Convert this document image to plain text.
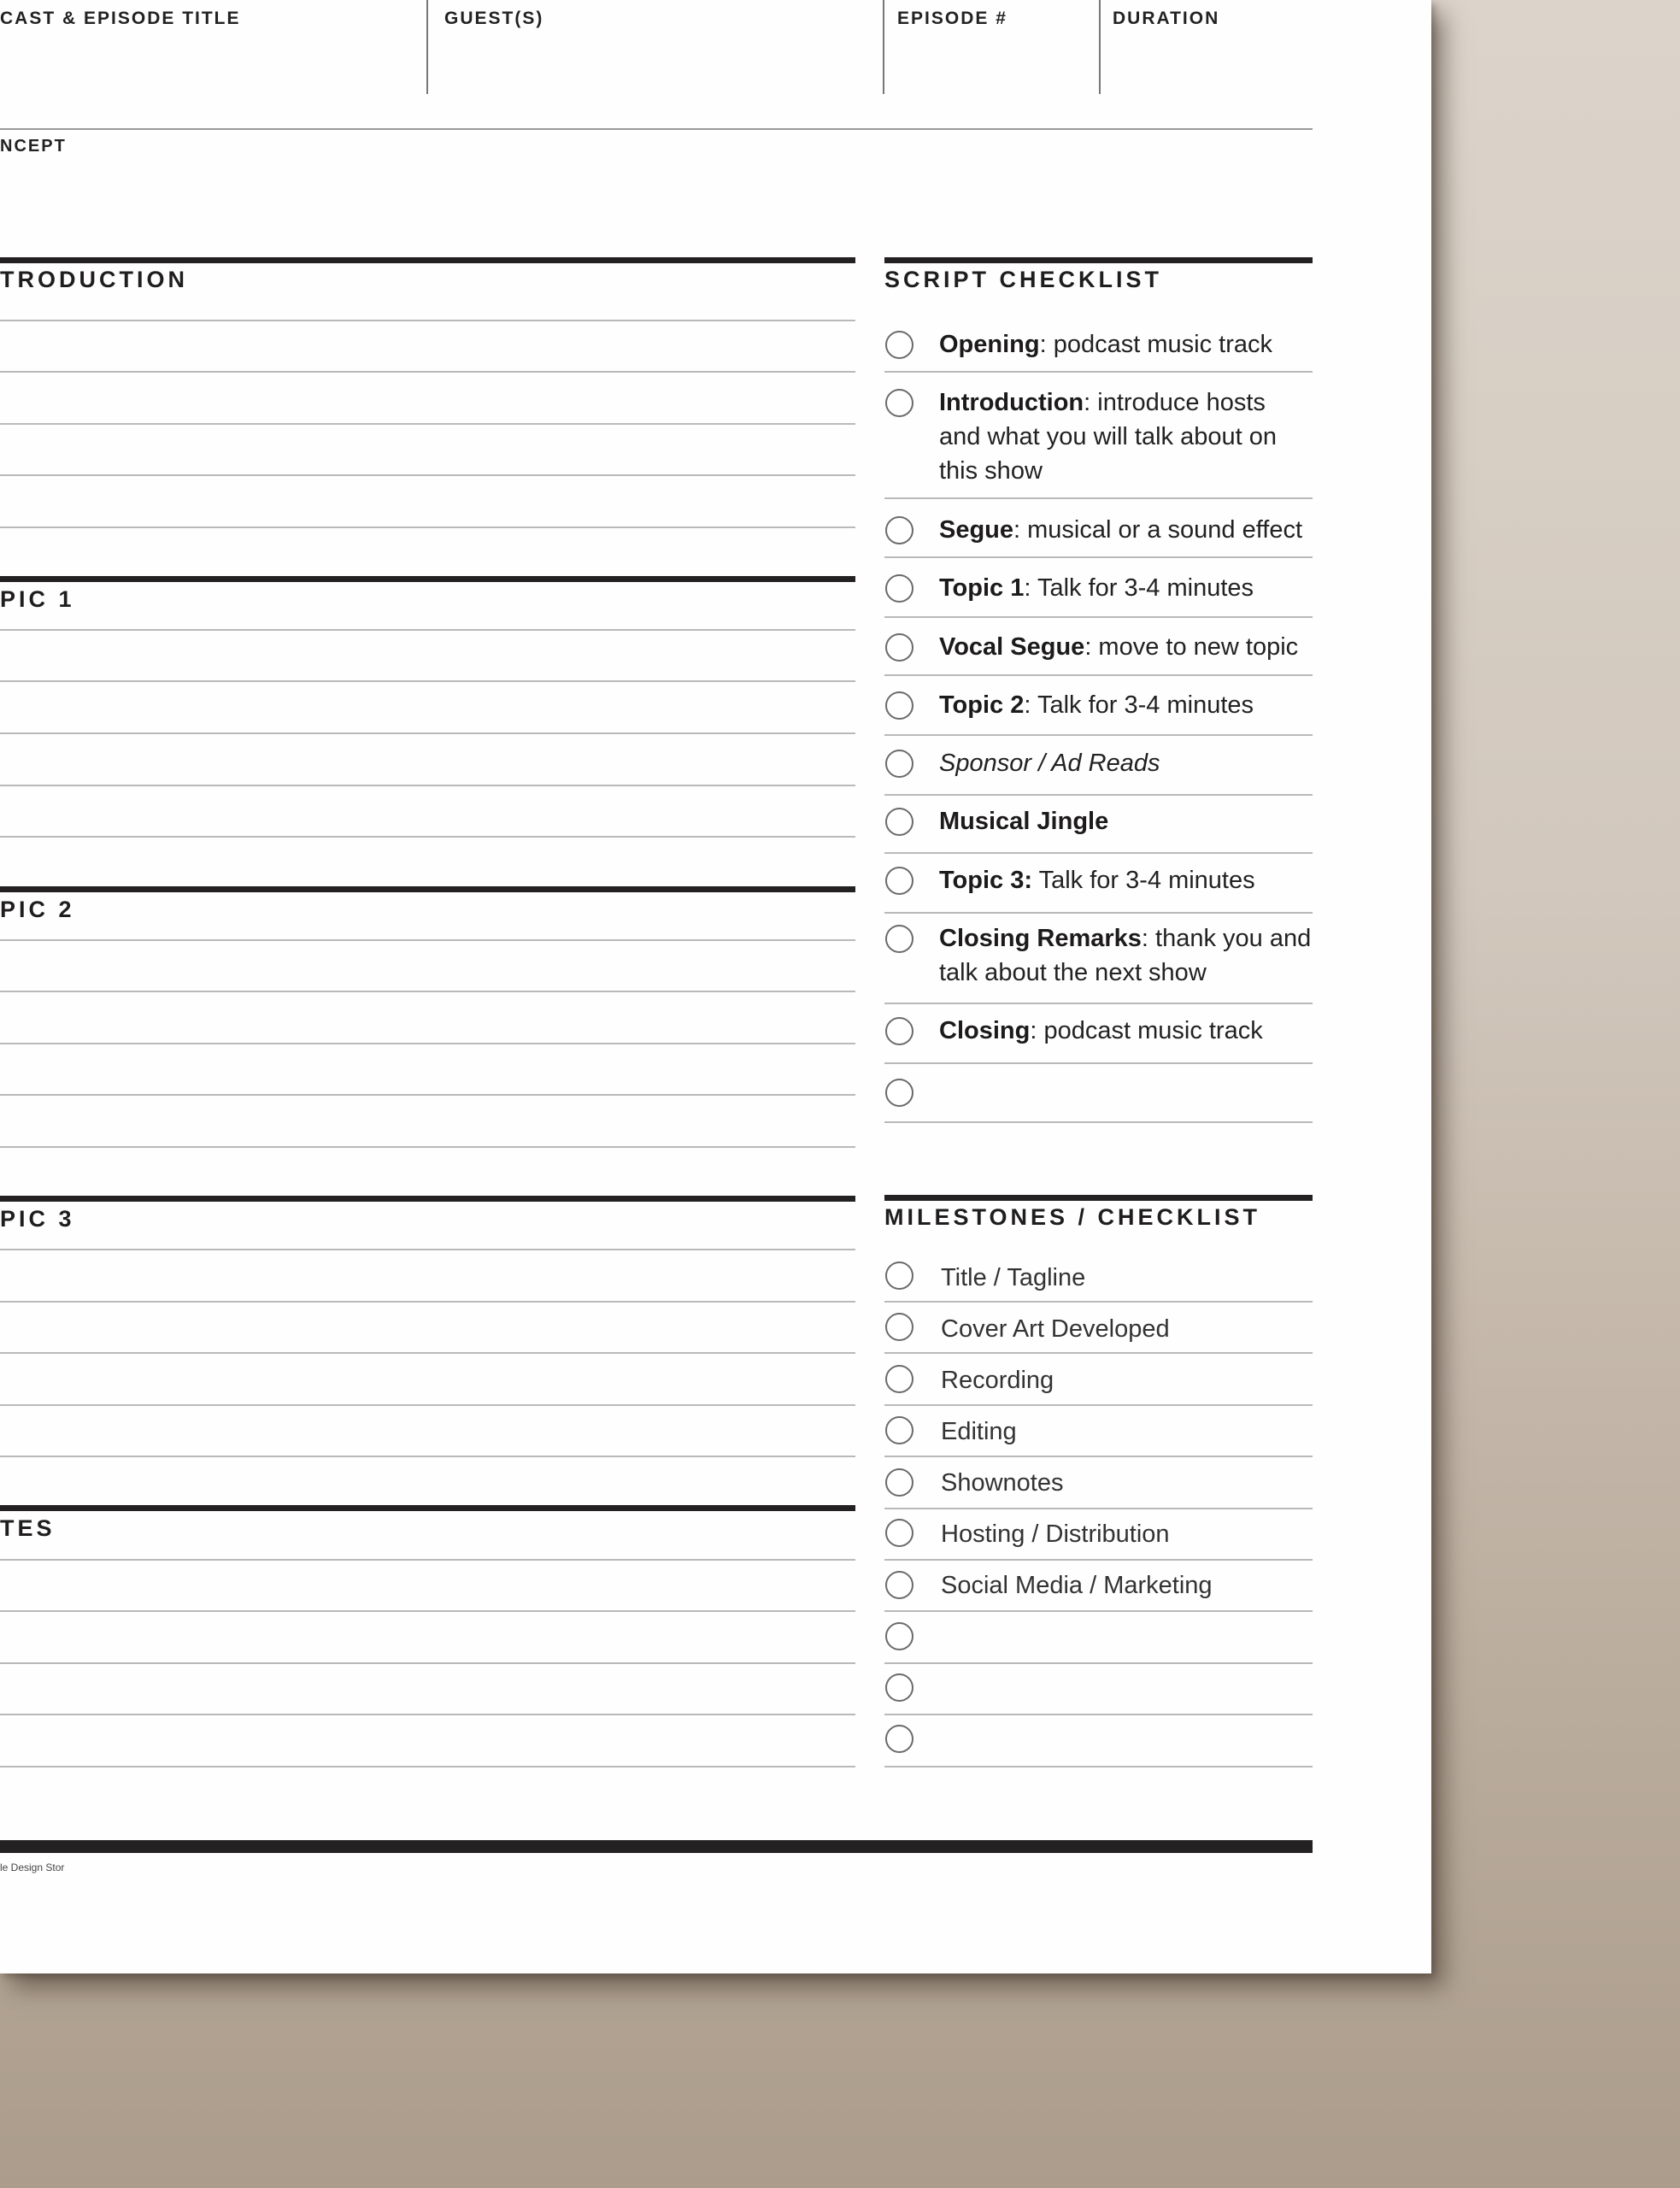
CAST & EPISODE TITLE	GUEST(S)	EPISODE #	DURATION
NCEPT
TRODUCTION
PIC 1
PIC 2
PIC 3
TES
SCRIPT CHECKLIST
Opening: podcast music track
Introduction: introduce hosts and what you will talk about on this show
Segue: musical or a sound effect
Topic 1: Talk for 3-4 minutes
Vocal Segue: move to new topic
Topic 2: Talk for 3-4 minutes
Sponsor / Ad Reads
Musical Jingle
Topic 3: Talk for 3-4 minutes
Closing Remarks: thank you and talk about the next show
Closing: podcast music track
MILESTONES / CHECKLIST
Title / Tagline
Cover Art Developed
Recording
Editing
Shownotes
Hosting / Distribution
Social Media / Marketing
le Design Stor
